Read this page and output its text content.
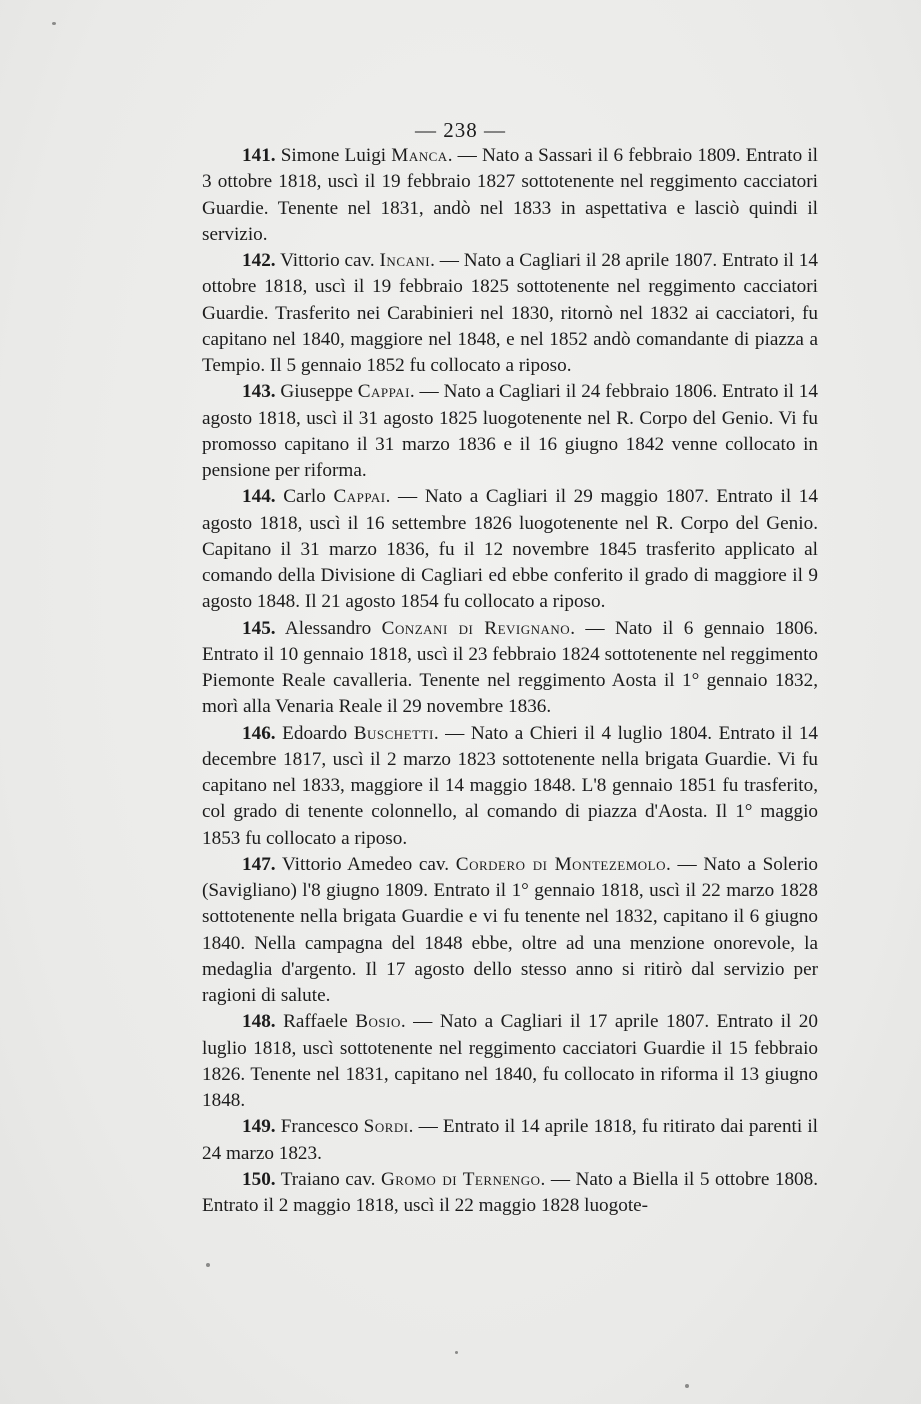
— 238 —

141. Simone Luigi Manca. — Nato a Sassari il 6 febbraio 1809. Entrato il 3 ottobre 1818, uscì il 19 febbraio 1827 sottotenente nel reggimento cacciatori Guardie. Tenente nel 1831, andò nel 1833 in aspettativa e lasciò quindi il servizio.

142. Vittorio cav. Incani. — Nato a Cagliari il 28 aprile 1807. Entrato il 14 ottobre 1818, uscì il 19 febbraio 1825 sottotenente nel reggimento cacciatori Guardie. Trasferito nei Carabinieri nel 1830, ritornò nel 1832 ai cacciatori, fu capitano nel 1840, maggiore nel 1848, e nel 1852 andò comandante di piazza a Tempio. Il 5 gennaio 1852 fu collocato a riposo.

143. Giuseppe Cappai. — Nato a Cagliari il 24 febbraio 1806. Entrato il 14 agosto 1818, uscì il 31 agosto 1825 luogotenente nel R. Corpo del Genio. Vi fu promosso capitano il 31 marzo 1836 e il 16 giugno 1842 venne collocato in pensione per riforma.

144. Carlo Cappai. — Nato a Cagliari il 29 maggio 1807. Entrato il 14 agosto 1818, uscì il 16 settembre 1826 luogotenente nel R. Corpo del Genio. Capitano il 31 marzo 1836, fu il 12 novembre 1845 trasferito applicato al comando della Divisione di Cagliari ed ebbe conferito il grado di maggiore il 9 agosto 1848. Il 21 agosto 1854 fu collocato a riposo.

145. Alessandro Conzani di Revignano. — Nato il 6 gennaio 1806. Entrato il 10 gennaio 1818, uscì il 23 febbraio 1824 sottotenente nel reggimento Piemonte Reale cavalleria. Tenente nel reggimento Aosta il 1° gennaio 1832, morì alla Venaria Reale il 29 novembre 1836.

146. Edoardo Buschetti. — Nato a Chieri il 4 luglio 1804. Entrato il 14 decembre 1817, uscì il 2 marzo 1823 sottotenente nella brigata Guardie. Vi fu capitano nel 1833, maggiore il 14 maggio 1848. L'8 gennaio 1851 fu trasferito, col grado di tenente colonnello, al comando di piazza d'Aosta. Il 1° maggio 1853 fu collocato a riposo.

147. Vittorio Amedeo cav. Cordero di Montezemolo. — Nato a Solerio (Savigliano) l'8 giugno 1809. Entrato il 1° gennaio 1818, uscì il 22 marzo 1828 sottotenente nella brigata Guardie e vi fu tenente nel 1832, capitano il 6 giugno 1840. Nella campagna del 1848 ebbe, oltre ad una menzione onorevole, la medaglia d'argento. Il 17 agosto dello stesso anno si ritirò dal servizio per ragioni di salute.

148. Raffaele Bosio. — Nato a Cagliari il 17 aprile 1807. Entrato il 20 luglio 1818, uscì sottotenente nel reggimento cacciatori Guardie il 15 febbraio 1826. Tenente nel 1831, capitano nel 1840, fu collocato in riforma il 13 giugno 1848.

149. Francesco Sordi. — Entrato il 14 aprile 1818, fu ritirato dai parenti il 24 marzo 1823.

150. Traiano cav. Gromo di Ternengo. — Nato a Biella il 5 ottobre 1808. Entrato il 2 maggio 1818, uscì il 22 maggio 1828 luogote-
